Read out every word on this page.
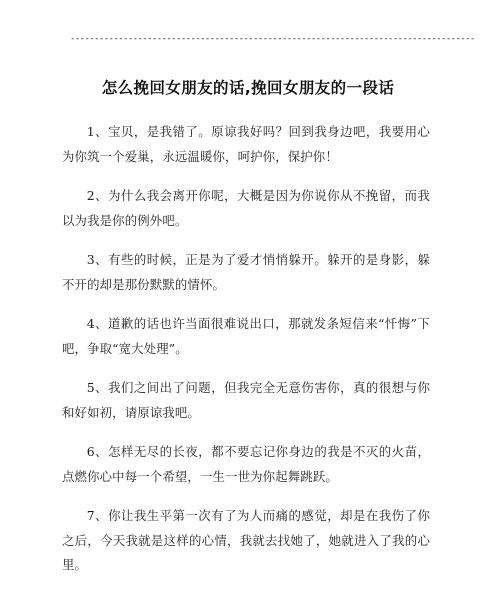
------------------------------------------------------------------------------------
怎么挽回女朋友的话,挽回女朋友的一段话

1、宝贝，是我错了。原谅我好吗？回到我身边吧，我要用心为你筑一个爱巢，永远温暖你，呵护你，保护你！

2、为什么我会离开你呢，大概是因为你说你从不挽留，而我以为我是你的例外吧。

3、有些的时候，正是为了爱才悄悄躲开。躲开的是身影，躲不开的却是那份默默的情怀。

4、道歉的话也许当面很难说出口，那就发条短信来“忏悔”下吧，争取“宽大处理”。

5、我们之间出了问题，但我完全无意伤害你，真的很想与你和好如初，请原谅我吧。

6、怎样无尽的长夜，都不要忘记你身边的我是不灭的火苗，点燃你心中每一个希望，一生一世为你起舞跳跃。

7、你让我生平第一次有了为人而痛的感觉，却是在我伤了你之后，今天我就是这样的心情，我就去找她了，她就进入了我的心里。
